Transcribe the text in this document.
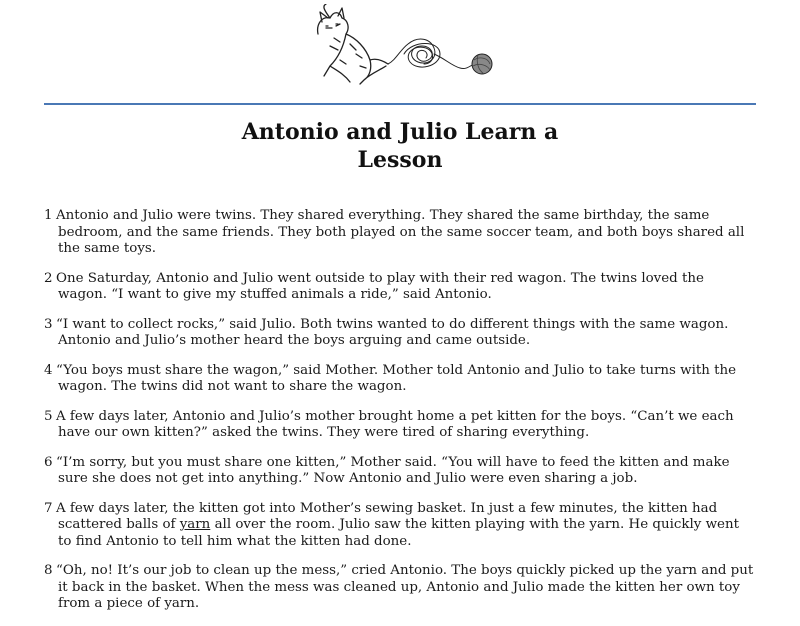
Antonio and Julio Learn a
Lesson

1 Antonio and Julio were twins. They shared everything. They shared the same birthday, the same bedroom, and the same friends. They both played on the same soccer team, and both boys shared all the same toys.

2 One Saturday, Antonio and Julio went outside to play with their red wagon. The twins loved the wagon. “I want to give my stuffed animals a ride,” said Antonio.

3 “I want to collect rocks,” said Julio. Both twins wanted to do different things with the same wagon. Antonio and Julio’s mother heard the boys arguing and came outside.

4 “You boys must share the wagon,” said Mother. Mother told Antonio and Julio to take turns with the wagon. The twins did not want to share the wagon.

5 A few days later, Antonio and Julio’s mother brought home a pet kitten for the boys. “Can’t we each have our own kitten?” asked the twins. They were tired of sharing everything.

6 “I’m sorry, but you must share one kitten,” Mother said. “You will have to feed the kitten and make sure she does not get into anything.” Now Antonio and Julio were even sharing a job.

7 A few days later, the kitten got into Mother’s sewing basket. In just a few minutes, the kitten had scattered balls of yarn all over the room. Julio saw the kitten playing with the yarn. He quickly went to find Antonio to tell him what the kitten had done.

8 “Oh, no! It’s our job to clean up the mess,” cried Antonio. The boys quickly picked up the yarn and put it back in the basket. When the mess was cleaned up, Antonio and Julio made the kitten her own toy from a piece of yarn.
